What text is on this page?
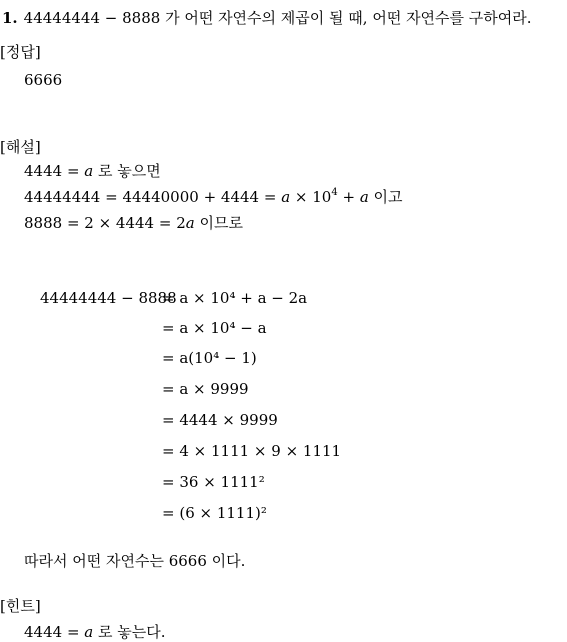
1. 44444444 − 8888 가 어떤 자연수의 제곱이 될 때, 어떤 자연수를 구하여라.
[정답]
6666
[해설]
4444 = a 로 놓으면
$44444444 = 44440000 + 4444 = a \times 10^4 + a$ 이고
8888 = 2 × 4444 = 2a 이므로
44444444 − 8888
= a × 10⁴ + a − 2a
= a × 10⁴ − a
= a(10⁴ − 1)
= a × 9999
= 4444 × 9999
= 4 × 1111 × 9 × 1111
= 36 × 1111²
= (6 × 1111)²
따라서 어떤 자연수는 6666 이다.
[힌트]
4444 = a 로 놓는다.
